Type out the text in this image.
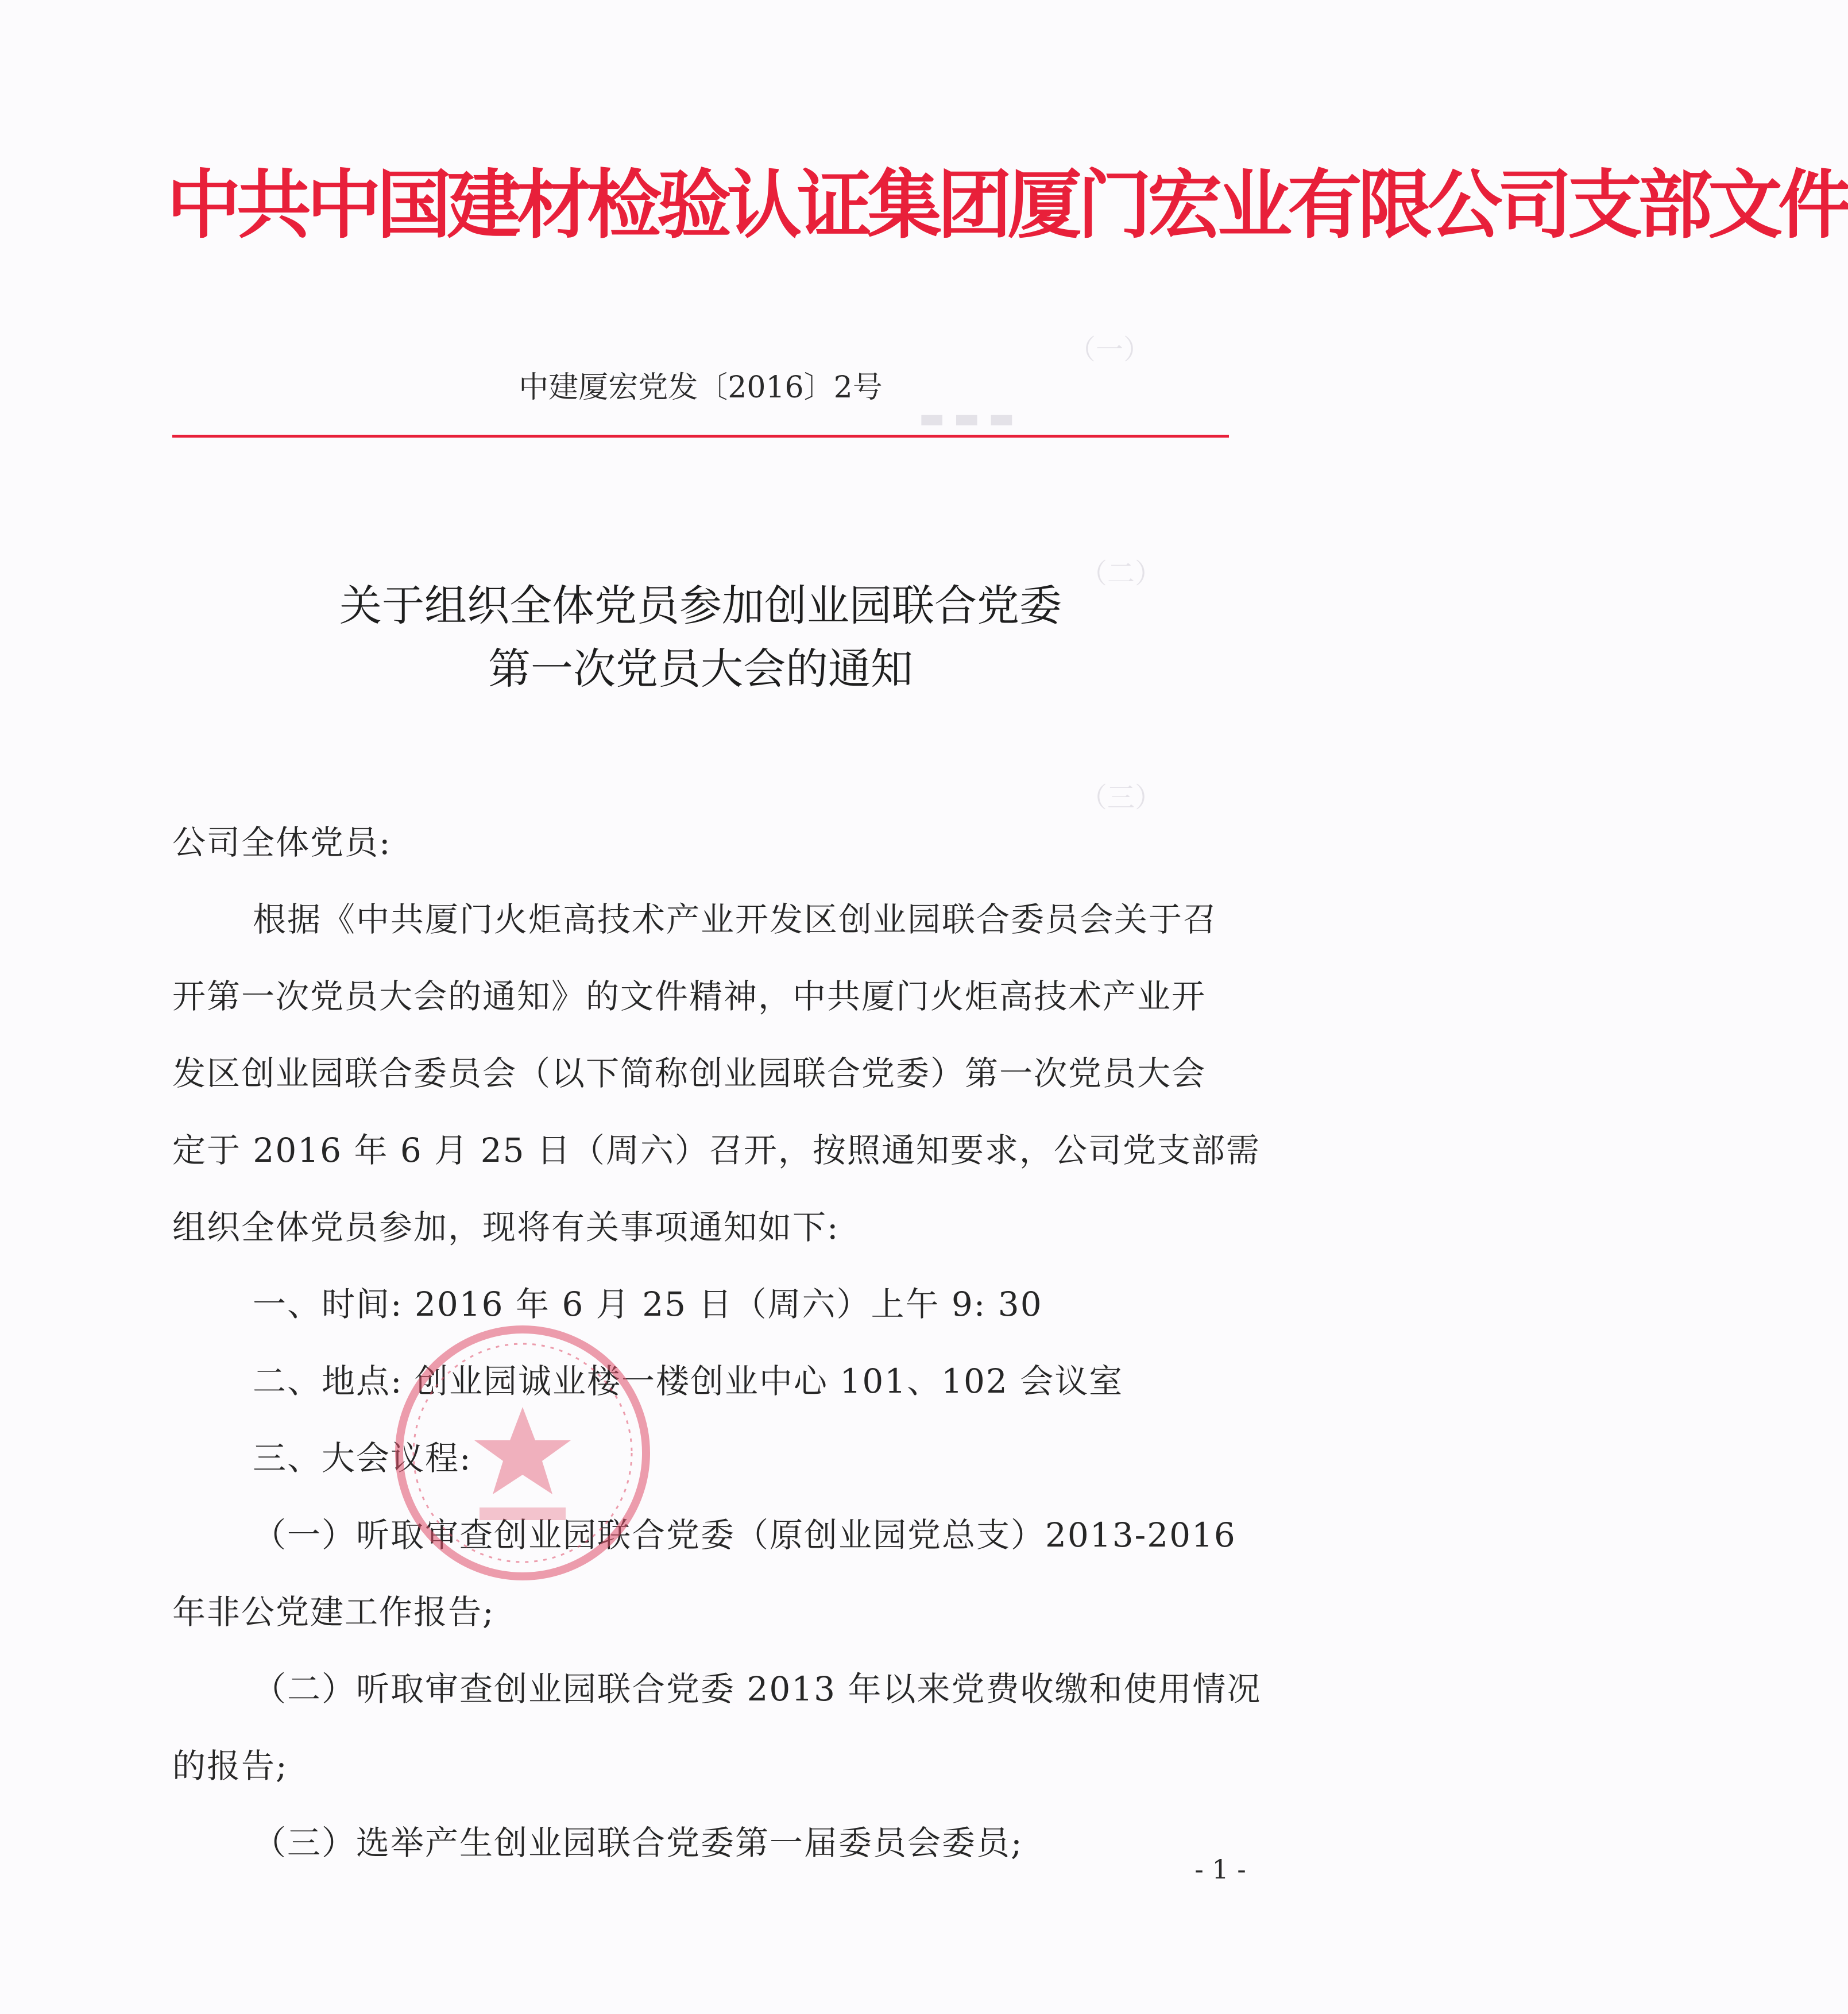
（一）
▬ ▬ ▬
（二）
（三）
中共中国建材检验认证集团厦门宏业有限公司支部文件
中建厦宏党发〔2016〕2号
关于组织全体党员参加创业园联合党委
第一次党员大会的通知

公司全体党员:

根据《中共厦门火炬高技术产业开发区创业园联合委员会关于召

开第一次党员大会的通知》的文件精神，中共厦门火炬高技术产业开

发区创业园联合委员会（以下简称创业园联合党委）第一次党员大会

定于 2016 年 6 月 25 日（周六）召开，按照通知要求，公司党支部需

组织全体党员参加，现将有关事项通知如下:

一、时间: 2016 年 6 月 25 日（周六）上午 9: 30

二、地点: 创业园诚业楼一楼创业中心 101、102 会议室

三、大会议程:

（一）听取审查创业园联合党委（原创业园党总支）2013-2016

年非公党建工作报告;

（二）听取审查创业园联合党委 2013 年以来党费收缴和使用情况

的报告;

（三）选举产生创业园联合党委第一届委员会委员;

- 1 -
